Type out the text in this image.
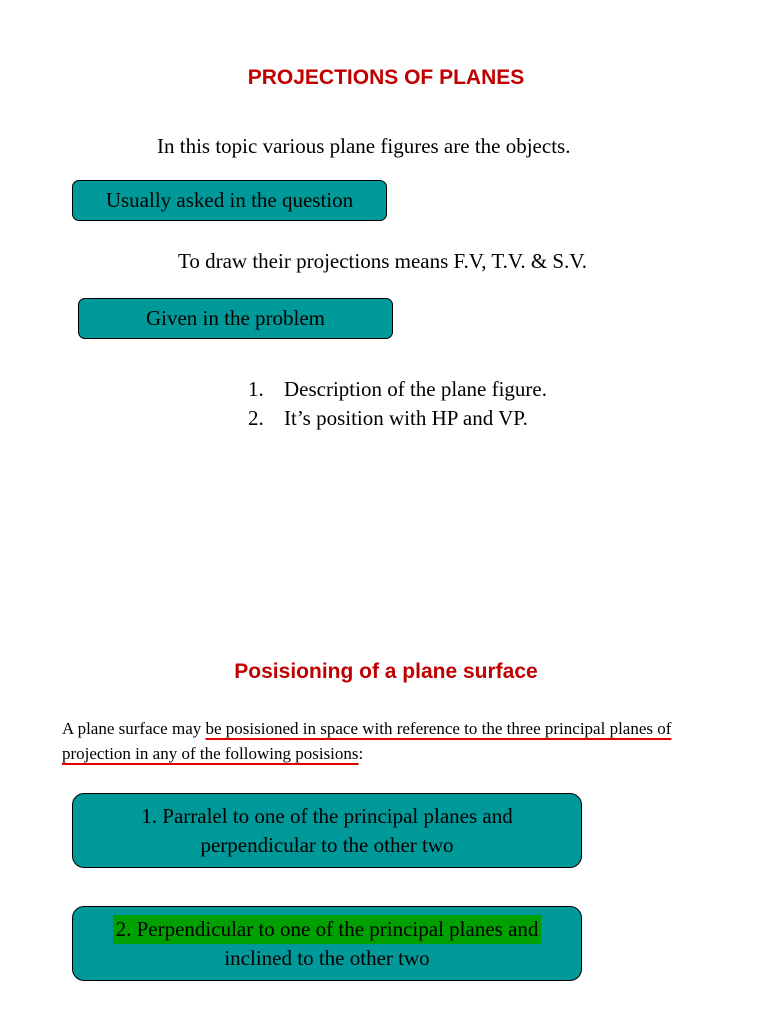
PROJECTIONS OF PLANES
In this topic various plane figures are the objects.
Usually asked in the question
To draw their projections means F.V, T.V. & S.V.
Given in the problem
1. Description of the plane figure.
2. It’s position with HP and VP.
Posisioning of a plane surface
A plane surface may be posisioned in space with reference to the three principal planes of projection in any of the following posisions:
1. Parralel to one of the principal planes and
perpendicular to the other two
2. Perpendicular to one of the principal planes and
inclined to the other two
